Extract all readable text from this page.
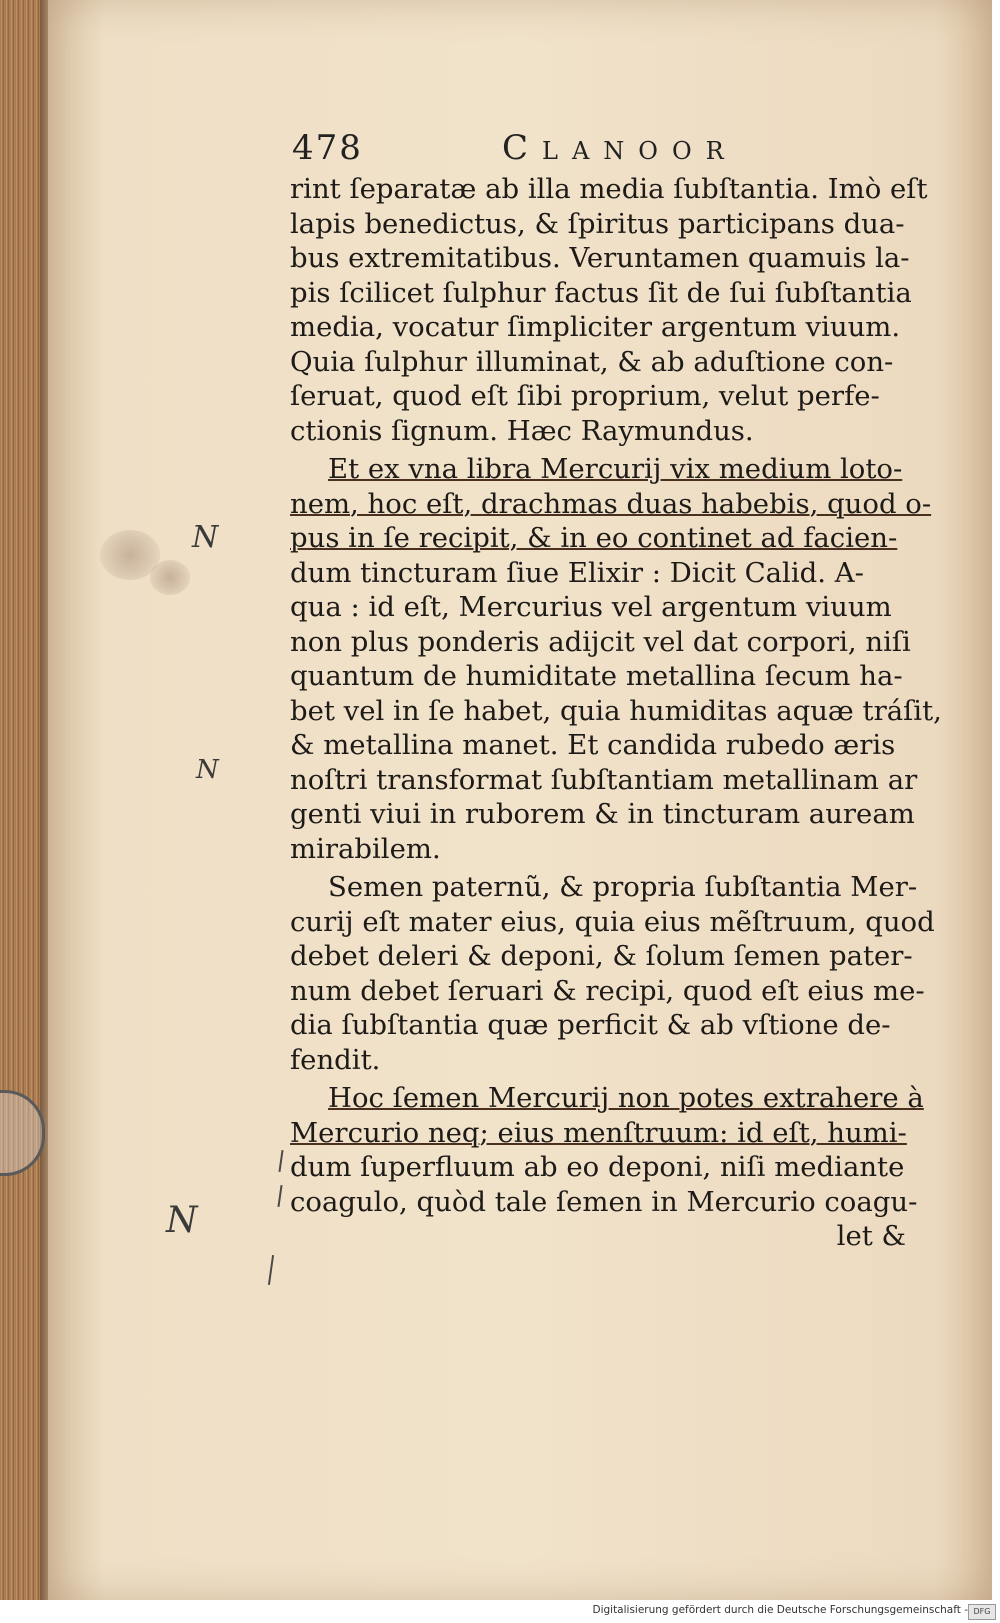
478	Clanoor
rint ſeparatæ ab illa media ſubſtantia. Imò eſt
lapis benedictus, & ſpiritus participans dua-
bus extremitatibus. Veruntamen quamuis la-
pis ſcilicet ſulphur factus ſit de ſui ſubſtantia
media, vocatur ſimpliciter argentum viuum.
Quia ſulphur illuminat, & ab aduſtione con-
ſeruat, quod eſt ſibi proprium, velut perfe-
ctionis ſignum. Hæc Raymundus.
Et ex vna libra Mercurij vix medium loto-
nem, hoc eſt, drachmas duas habebis, quod o-
pus in ſe recipit, & in eo continet ad facien-
dum tincturam ſiue Elixir : Dicit Calid. A-
qua : id eſt, Mercurius vel argentum viuum
non plus ponderis adijcit vel dat corpori, niſi
quantum de humiditate metallina ſecum ha-
bet vel in ſe habet, quia humiditas aquæ tráſit,
& metallina manet. Et candida rubedo æris
noſtri transformat ſubſtantiam metallinam ar
genti viui in ruborem & in tincturam auream
mirabilem.
Semen paternũ, & propria ſubſtantia Mer-
curij eſt mater eius, quia eius mẽſtruum, quod
debet deleri & deponi, & ſolum ſemen pater-
num debet ſeruari & recipi, quod eſt eius me-
dia ſubſtantia quæ perficit & ab vſtione de-
fendit.
Hoc ſemen Mercurij non potes extrahere à
Mercurio neq; eius menſtruum: id eſt, humi-
dum ſuperfluum ab eo deponi, niſi mediante
coagulo, quòd tale ſemen in Mercurio coagu-
let &
N
N
N
Digitalisierung gefördert durch die Deutsche Forschungsgemeinschaft - DFG
